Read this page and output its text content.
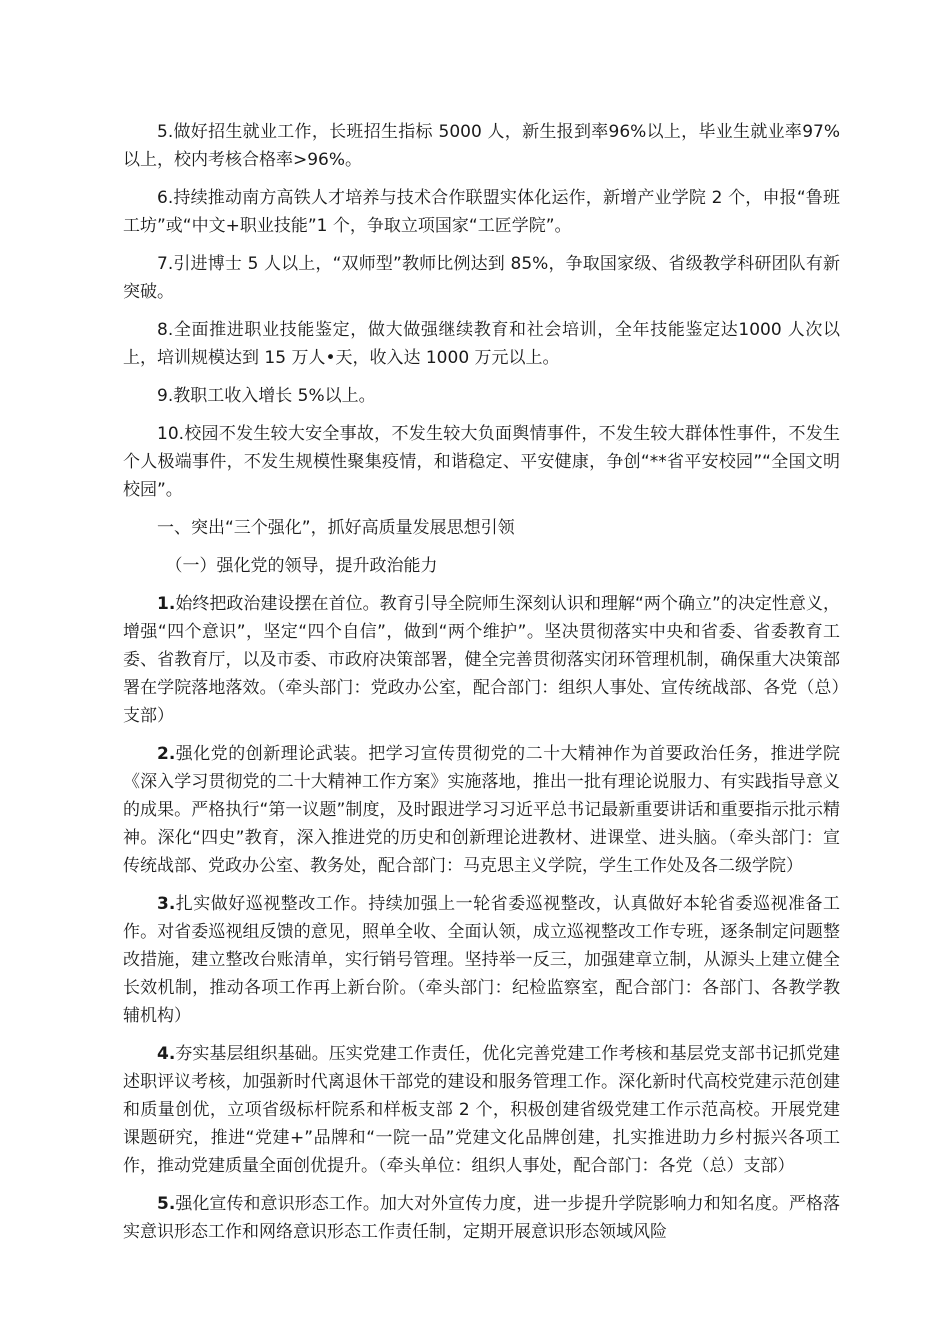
5.做好招生就业工作，长班招生指标 5000 人，新生报到率96%以上，毕业生就业率97%以上，校内考核合格率>96%。

6.持续推动南方高铁人才培养与技术合作联盟实体化运作，新增产业学院 2 个，申报“鲁班工坊”或“中文+职业技能”1 个，争取立项国家“工匠学院”。

7.引进博士 5 人以上，“双师型”教师比例达到 85%，争取国家级、省级教学科研团队有新突破。

8.全面推进职业技能鉴定，做大做强继续教育和社会培训，全年技能鉴定达1000 人次以上，培训规模达到 15 万人•天，收入达 1000 万元以上。

9.教职工收入增长 5%以上。

10.校园不发生较大安全事故，不发生较大负面舆情事件，不发生较大群体性事件，不发生个人极端事件，不发生规模性聚集疫情，和谐稳定、平安健康，争创“**省平安校园”“全国文明校园”。

一、突出“三个强化”，抓好高质量发展思想引领

（一）强化党的领导，提升政治能力

1.始终把政治建设摆在首位。教育引导全院师生深刻认识和理解“两个确立”的决定性意义，增强“四个意识”，坚定“四个自信”，做到“两个维护”。坚决贯彻落实中央和省委、省委教育工委、省教育厅，以及市委、市政府决策部署，健全完善贯彻落实闭环管理机制，确保重大决策部署在学院落地落效。（牵头部门：党政办公室，配合部门：组织人事处、宣传统战部、各党（总）支部）

2.强化党的创新理论武装。把学习宣传贯彻党的二十大精神作为首要政治任务，推进学院《深入学习贯彻党的二十大精神工作方案》实施落地，推出一批有理论说服力、有实践指导意义的成果。严格执行“第一议题”制度，及时跟进学习习近平总书记最新重要讲话和重要指示批示精神。深化“四史”教育，深入推进党的历史和创新理论进教材、进课堂、进头脑。（牵头部门：宣传统战部、党政办公室、教务处，配合部门：马克思主义学院，学生工作处及各二级学院）

3.扎实做好巡视整改工作。持续加强上一轮省委巡视整改，认真做好本轮省委巡视准备工作。对省委巡视组反馈的意见，照单全收、全面认领，成立巡视整改工作专班，逐条制定问题整改措施，建立整改台账清单，实行销号管理。坚持举一反三，加强建章立制，从源头上建立健全长效机制，推动各项工作再上新台阶。（牵头部门：纪检监察室，配合部门：各部门、各教学教辅机构）

4.夯实基层组织基础。压实党建工作责任，优化完善党建工作考核和基层党支部书记抓党建述职评议考核，加强新时代离退休干部党的建设和服务管理工作。深化新时代高校党建示范创建和质量创优，立项省级标杆院系和样板支部 2 个，积极创建省级党建工作示范高校。开展党建课题研究，推进“党建+”品牌和“一院一品”党建文化品牌创建，扎实推进助力乡村振兴各项工作，推动党建质量全面创优提升。（牵头单位：组织人事处，配合部门：各党（总）支部）

5.强化宣传和意识形态工作。加大对外宣传力度，进一步提升学院影响力和知名度。严格落实意识形态工作和网络意识形态工作责任制，定期开展意识形态领域风险
